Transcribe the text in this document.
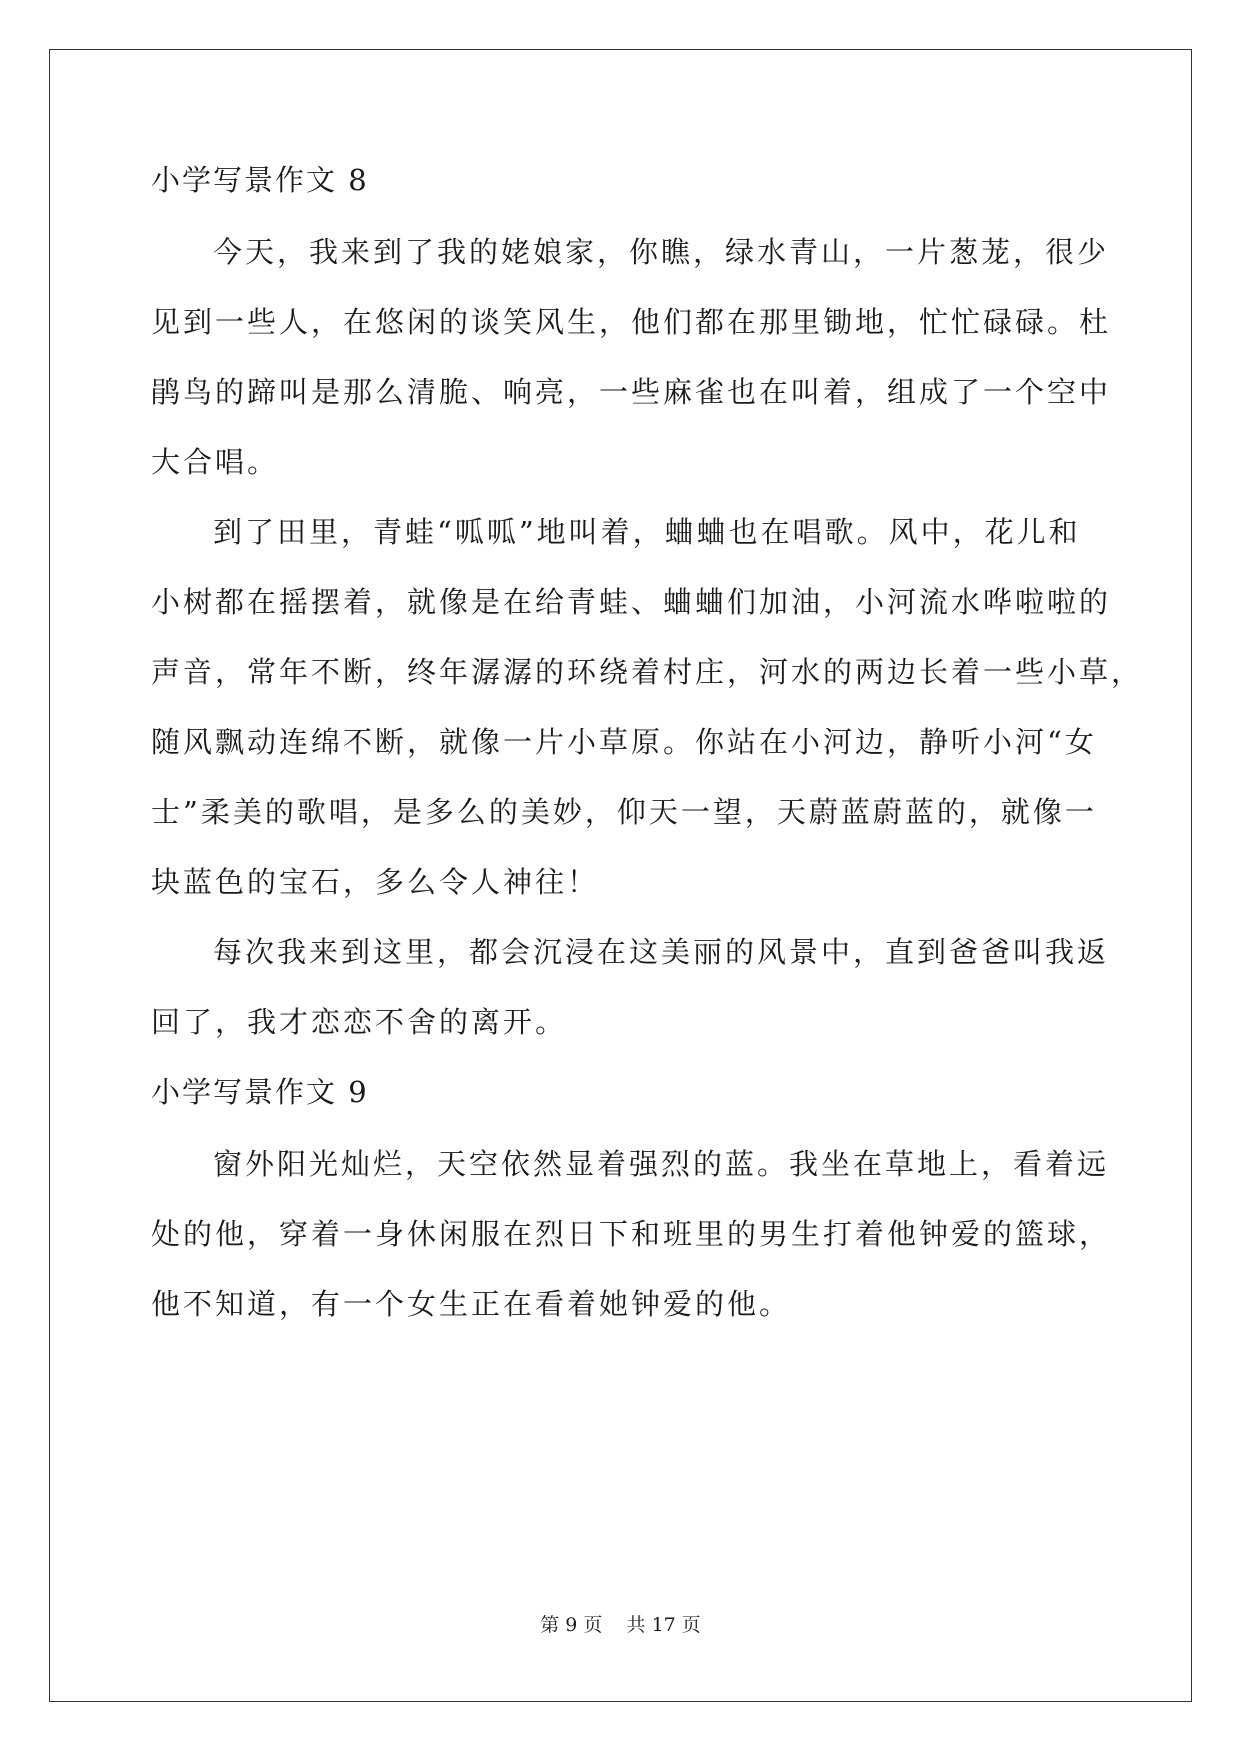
小学写景作文 8
今天，我来到了我的姥娘家，你瞧，绿水青山，一片葱茏，很少
见到一些人，在悠闲的谈笑风生，他们都在那里锄地，忙忙碌碌。杜
鹃鸟的蹄叫是那么清脆、响亮，一些麻雀也在叫着，组成了一个空中
大合唱。
到了田里，青蛙“呱呱”地叫着，蛐蛐也在唱歌。风中，花儿和
小树都在摇摆着，就像是在给青蛙、蛐蛐们加油，小河流水哗啦啦的
声音，常年不断，终年潺潺的环绕着村庄，河水的两边长着一些小草，
随风飘动连绵不断，就像一片小草原。你站在小河边，静听小河“女
士”柔美的歌唱，是多么的美妙，仰天一望，天蔚蓝蔚蓝的，就像一
块蓝色的宝石，多么令人神往！
每次我来到这里，都会沉浸在这美丽的风景中，直到爸爸叫我返
回了，我才恋恋不舍的离开。
小学写景作文 9
窗外阳光灿烂，天空依然显着强烈的蓝。我坐在草地上，看着远
处的他，穿着一身休闲服在烈日下和班里的男生打着他钟爱的篮球，
他不知道，有一个女生正在看着她钟爱的他。
第 9 页    共 17 页
